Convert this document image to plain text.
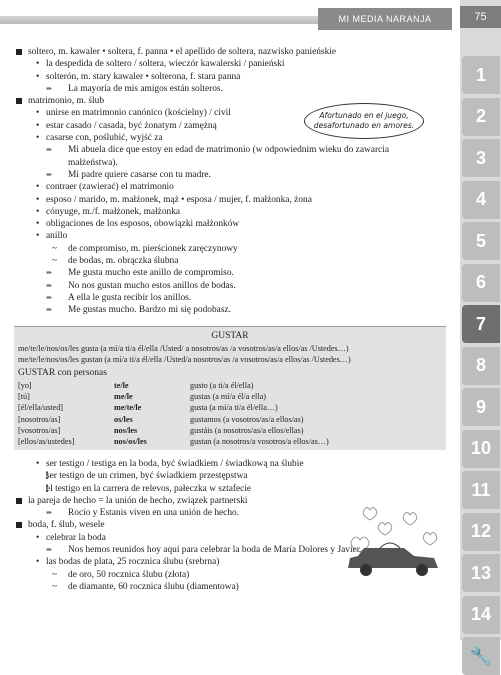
MI MEDIA NARANJA	75
1
2
3
4
5
6
7
8
9
10
11
12
13
14
🔧
soltero, m. kawaler • soltera, f. panna • el apellido de soltera, nazwisko panieńskie
• la despedida de soltero / soltera, wieczór kawalerski / panieński
• solterón, m. stary kawaler • solterona, f. stara panna
➨ La mayoría de mis amigos están solteros.
matrimonio, m. ślub
• unirse en matrimonio canónico (kościelny) / civil
• estar casado / casada, być żonatym / zamężną
• casarse con, poślubić, wyjść za
➨ Mi abuela dice que estoy en edad de matrimonio (w odpowiednim wieku do zawarcia
małżeństwa).
➨ Mi padre quiere casarse con tu madre.
• contraer (zawierać) el matrimonio
• esposo / marido, m. małżonek, mąż • esposa / mujer, f. małżonka, żona
• cónyuge, m./f. małżonek, małżonka
• obligaciones de los esposos, obowiązki małżonków
• anillo
~ de compromiso, m. pierścionek zaręczynowy
~ de bodas, m. obrączka ślubna
➨ Me gusta mucho este anillo de compromiso.
➨ No nos gustan mucho estos anillos de bodas.
➨ A ella le gusta recibir los anillos.
➨ Me gustas mucho. Bardzo mi się podobasz.
Afortunado en el juego,
desafortunado en amores.
GUSTAR
me/te/le/nos/os/les gusta (a mí/a ti/a él/ella /Usted/ a nosotros/as /a vosotros/as/a ellos/as /Ustedes…)
me/te/le/nos/os/les gustan (a mí/a ti/a él/ella /Usted/a nosotros/as /a vosotros/as/a ellos/as /Ustedes…)
GUSTAR con personas
[yo]	te/le	gusto (a ti/a él/ella)
[tú]	me/le	gustas (a mí/a él/a ella)
[él/ella/usted]	me/te/le	gusta (a mí/a ti/a él/ella…)
[nosotros/as]	os/les	gustamos (a vosotros/as/a ellos/as)
[vosotros/as]	nos/les	gustáis (a nosotros/as/a ellos/ellas)
[ellos/as/ustedes]	nos/os/les	gustan (a nosotros/a vosotros/a ellos/as…)
• ser testigo / testiga en la boda, być świadkiem / świadkową na ślubie
! ser testigo de un crimen, być świadkiem przestępstwa
! el testigo en la carrera de relevos, pałeczka w sztafecie
la pareja de hecho = la unión de hecho, związek partnerski
➨ Rocío y Estanis viven en una unión de hecho.
boda, f. ślub, wesele
• celebrar la boda
➨ Nos hemos reunidos hoy aquí para celebrar la boda de María Dolores y Javier.
• las bodas de plata, 25 rocznica ślubu (srebrna)
~ de oro, 50 rocznica ślubu (złota)
~ de diamante, 60 rocznica ślubu (diamentowa)
